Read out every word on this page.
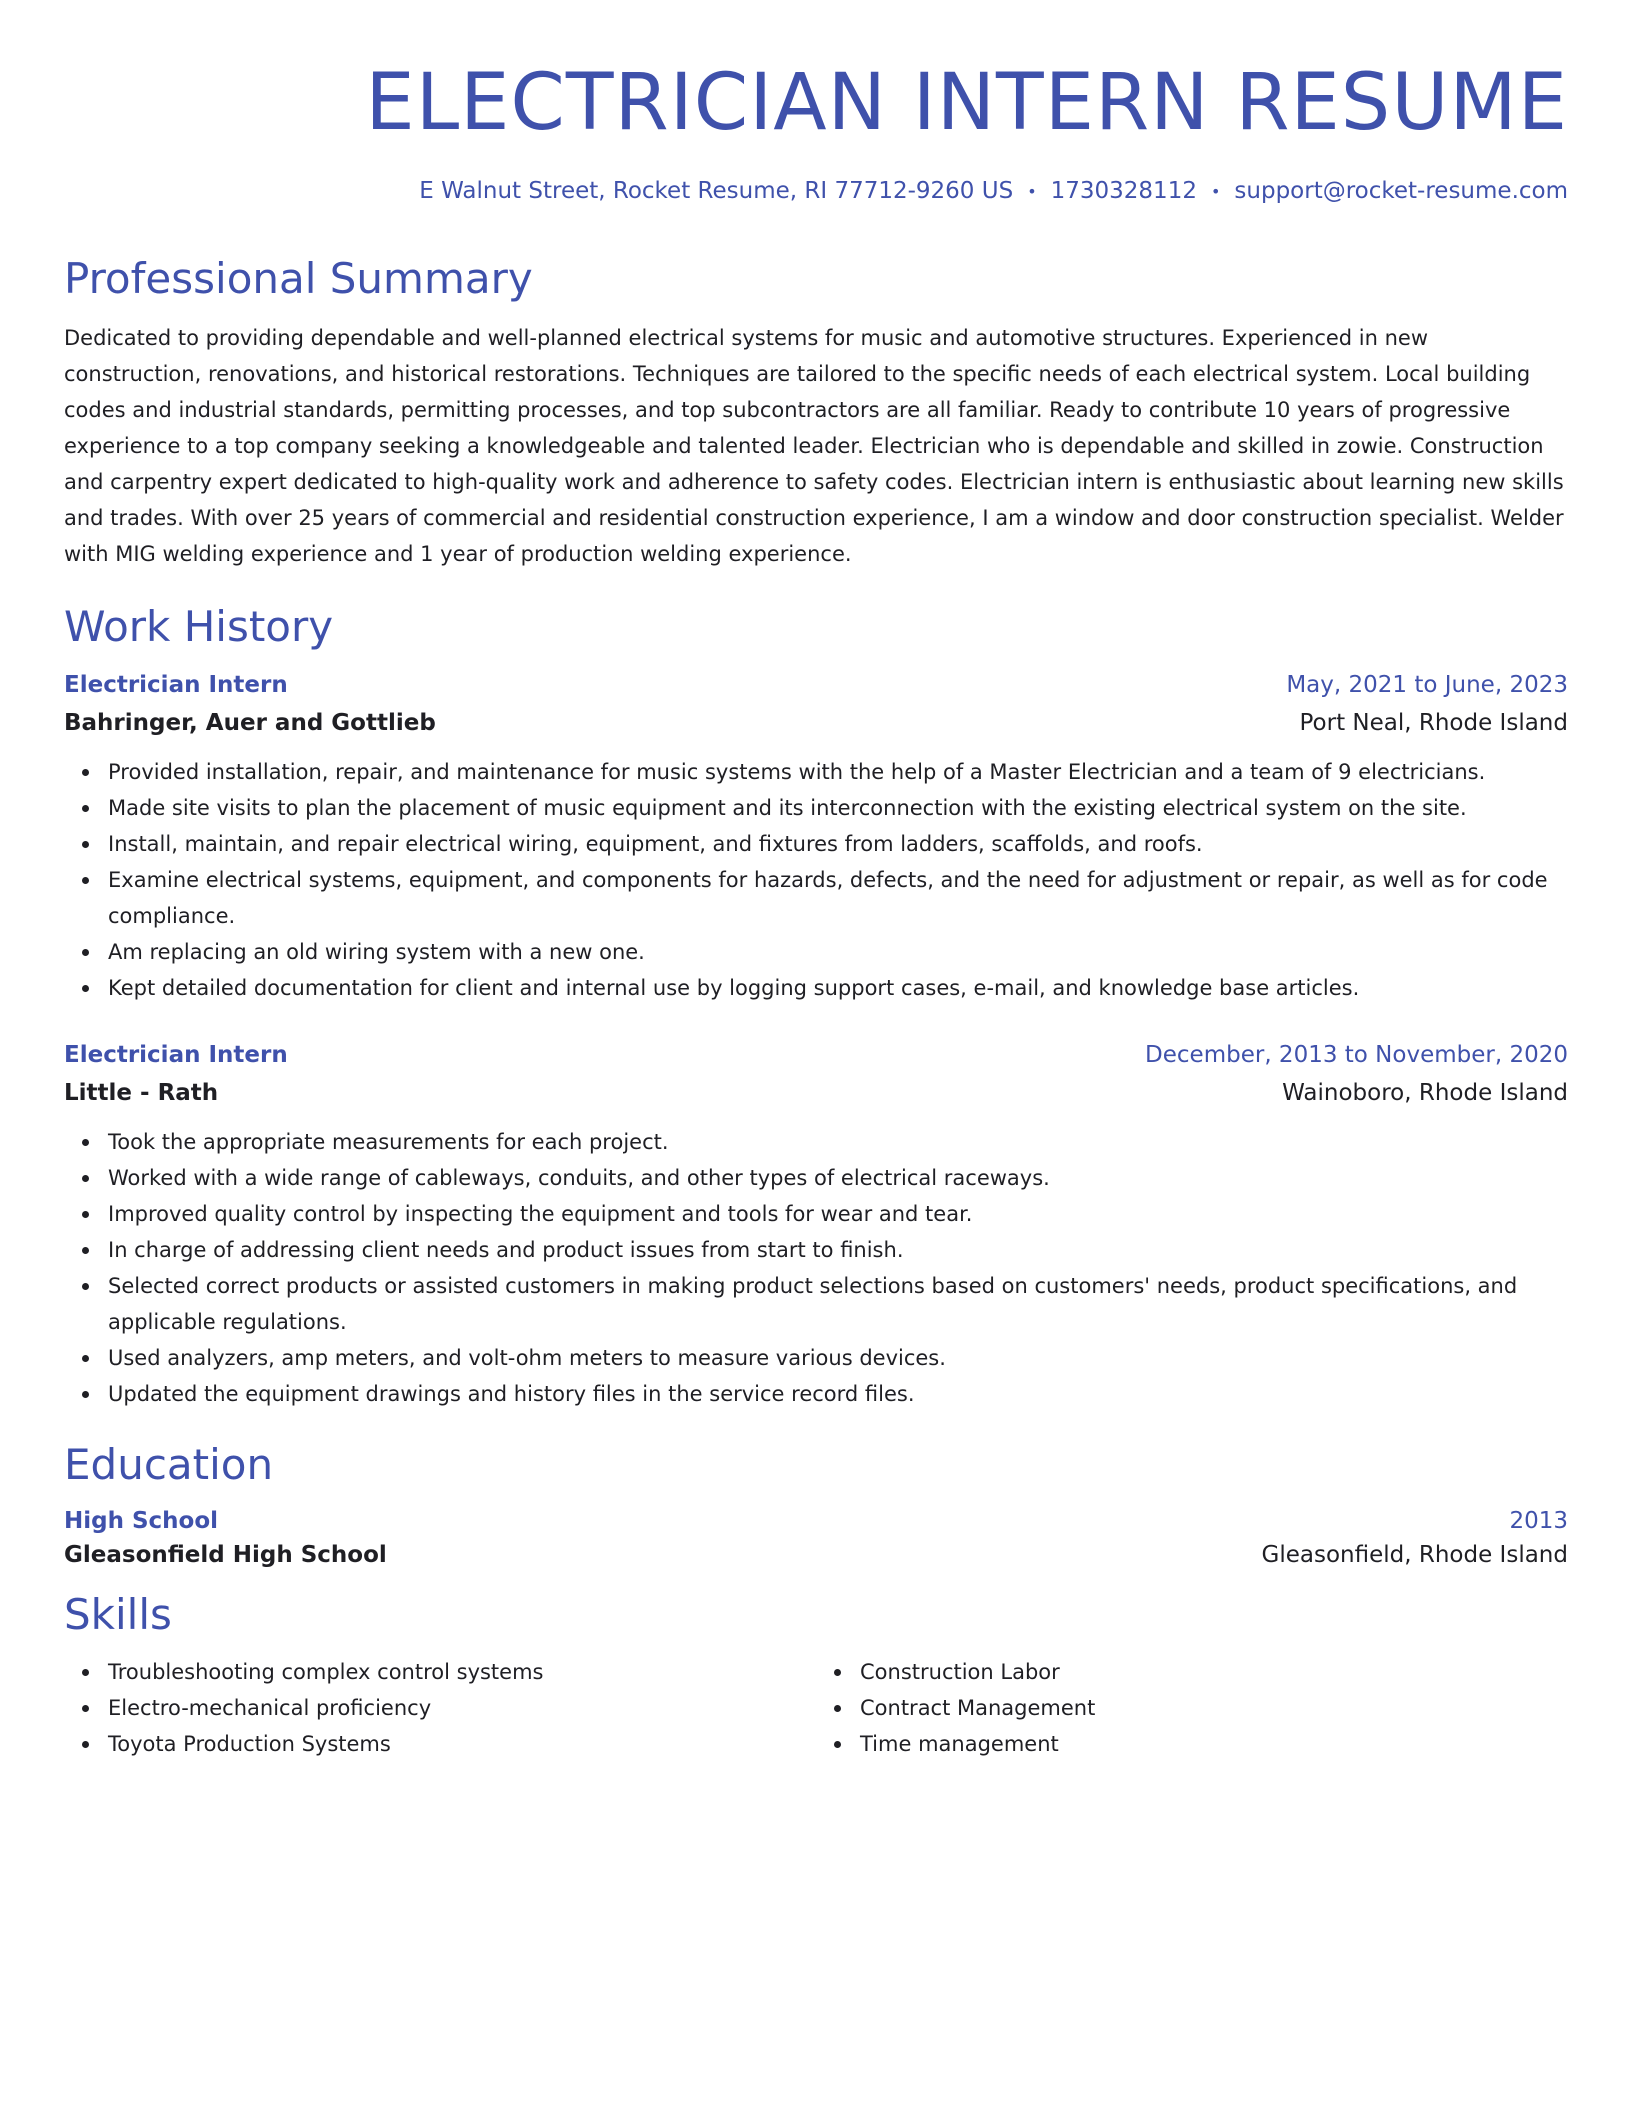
ELECTRICIAN INTERN RESUME
E Walnut Street, Rocket Resume, RI 77712-9260 US • 1730328112 • support@rocket-resume.com
Professional Summary

Dedicated to providing dependable and well-planned electrical systems for music and automotive structures. Experienced in new construction, renovations, and historical restorations. Techniques are tailored to the specific needs of each electrical system. Local building codes and industrial standards, permitting processes, and top subcontractors are all familiar. Ready to contribute 10 years of progressive experience to a top company seeking a knowledgeable and talented leader. Electrician who is dependable and skilled in zowie. Construction and carpentry expert dedicated to high-quality work and adherence to safety codes. Electrician intern is enthusiastic about learning new skills and trades. With over 25 years of commercial and residential construction experience, I am a window and door construction specialist. Welder with MIG welding experience and 1 year of production welding experience.

Work History
Electrician Intern	May, 2021 to June, 2023
Bahringer, Auer and Gottlieb	Port Neal, Rhode Island
Provided installation, repair, and maintenance for music systems with the help of a Master Electrician and a team of 9 electricians.
Made site visits to plan the placement of music equipment and its interconnection with the existing electrical system on the site.
Install, maintain, and repair electrical wiring, equipment, and fixtures from ladders, scaffolds, and roofs.
Examine electrical systems, equipment, and components for hazards, defects, and the need for adjustment or repair, as well as for code compliance.
Am replacing an old wiring system with a new one.
Kept detailed documentation for client and internal use by logging support cases, e-mail, and knowledge base articles.
Electrician Intern	December, 2013 to November, 2020
Little - Rath	Wainoboro, Rhode Island
Took the appropriate measurements for each project.
Worked with a wide range of cableways, conduits, and other types of electrical raceways.
Improved quality control by inspecting the equipment and tools for wear and tear.
In charge of addressing client needs and product issues from start to finish.
Selected correct products or assisted customers in making product selections based on customers' needs, product specifications, and applicable regulations.
Used analyzers, amp meters, and volt-ohm meters to measure various devices.
Updated the equipment drawings and history files in the service record files.
Education
High School	2013
Gleasonfield High School	Gleasonfield, Rhode Island
Skills
Troubleshooting complex control systems
Electro-mechanical proficiency
Toyota Production Systems
Construction Labor
Contract Management
Time management
